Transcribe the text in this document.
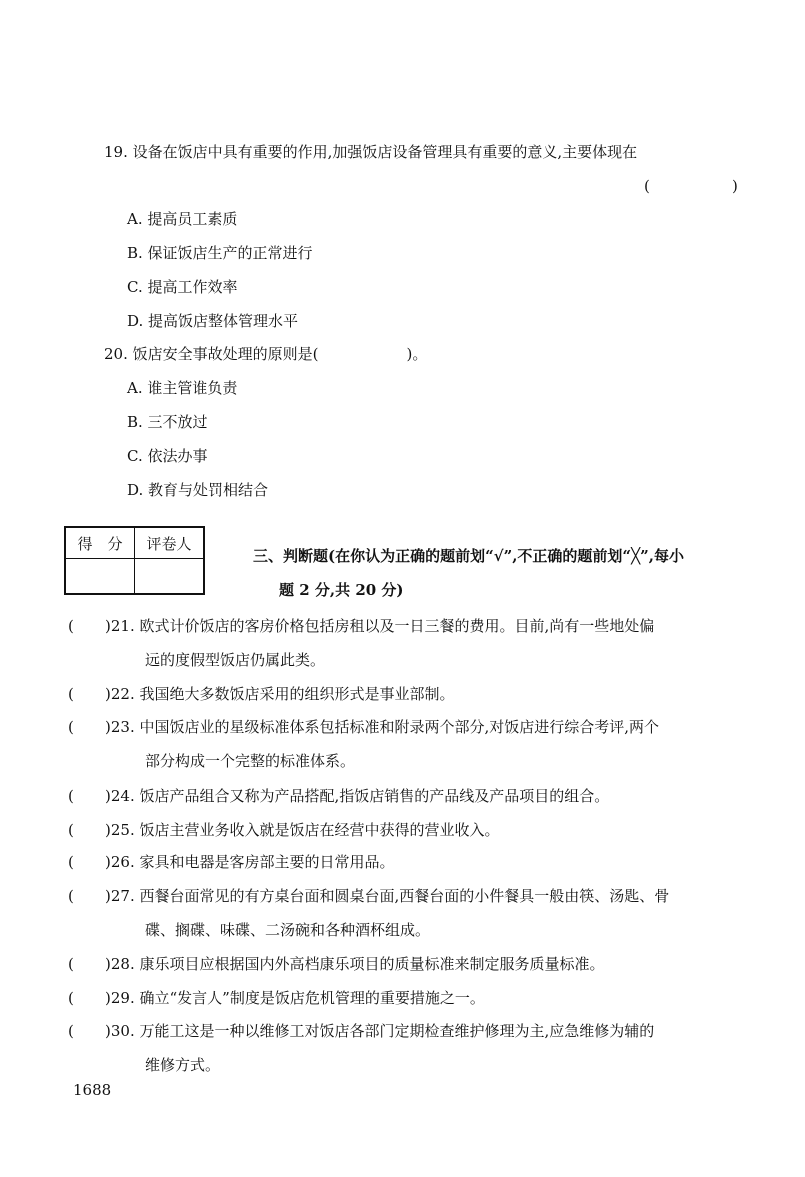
19. 设备在饭店中具有重要的作用,加强饭店设备管理具有重要的意义,主要体现在
(	)
A. 提高员工素质
B. 保证饭店生产的正常进行
C. 提高工作效率
D. 提高饭店整体管理水平
20. 饭店安全事故处理的原则是(	)。
A. 谁主管谁负责
B. 三不放过
C. 依法办事
D. 教育与处罚相结合
得　分	评卷人

三、判断题(在你认为正确的题前划“√”,不正确的题前划“╳”,每小
题 2 分,共 20 分)
( )21. 欧式计价饭店的客房价格包括房租以及一日三餐的费用。目前,尚有一些地处偏
远的度假型饭店仍属此类。
( )22. 我国绝大多数饭店采用的组织形式是事业部制。
( )23. 中国饭店业的星级标准体系包括标准和附录两个部分,对饭店进行综合考评,两个
部分构成一个完整的标准体系。
( )24. 饭店产品组合又称为产品搭配,指饭店销售的产品线及产品项目的组合。
( )25. 饭店主营业务收入就是饭店在经营中获得的营业收入。
( )26. 家具和电器是客房部主要的日常用品。
( )27. 西餐台面常见的有方桌台面和圆桌台面,西餐台面的小件餐具一般由筷、汤匙、骨
碟、搁碟、味碟、二汤碗和各种酒杯组成。
( )28. 康乐项目应根据国内外高档康乐项目的质量标准来制定服务质量标准。
( )29. 确立“发言人”制度是饭店危机管理的重要措施之一。
( )30. 万能工这是一种以维修工对饭店各部门定期检查维护修理为主,应急维修为辅的
维修方式。
1688
